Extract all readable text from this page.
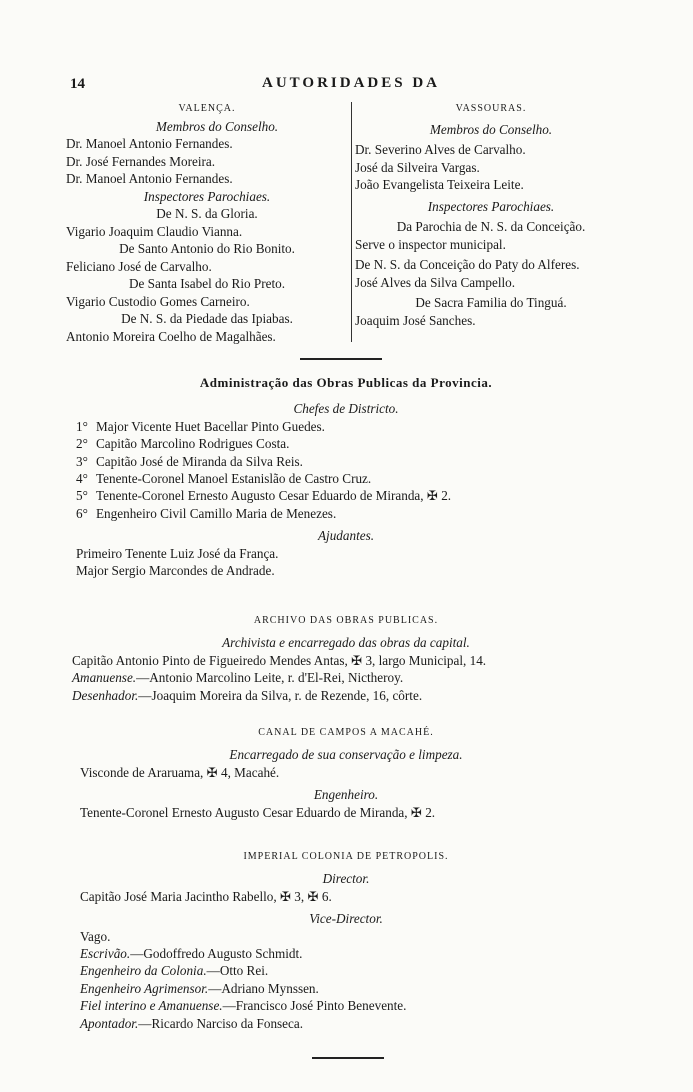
14	AUTORIDADES DA
VALENÇA.
Membros do Conselho.
Dr. Manoel Antonio Fernandes.
Dr. José Fernandes Moreira.
Dr. Manoel Antonio Fernandes.
Inspectores Parochiaes.
De N. S. da Gloria.
Vigario Joaquim Claudio Vianna.
De Santo Antonio do Rio Bonito.
Feliciano José de Carvalho.
De Santa Isabel do Rio Preto.
Vigario Custodio Gomes Carneiro.
De N. S. da Piedade das Ipiabas.
Antonio Moreira Coelho de Magalhães.
VASSOURAS.
Membros do Conselho.
Dr. Severino Alves de Carvalho.
José da Silveira Vargas.
João Evangelista Teixeira Leite.
Inspectores Parochiaes.
Da Parochia de N. S. da Conceição.
Serve o inspector municipal.
De N. S. da Conceição do Paty do Alferes.
José Alves da Silva Campello.
De Sacra Familia do Tinguá.
Joaquim José Sanches.
Administração das Obras Publicas da Provincia.
Chefes de Districto.
1° Major Vicente Huet Bacellar Pinto Guedes.
2° Capitão Marcolino Rodrigues Costa.
3° Capitão José de Miranda da Silva Reis.
4° Tenente-Coronel Manoel Estanislão de Castro Cruz.
5° Tenente-Coronel Ernesto Augusto Cesar Eduardo de Miranda, ✠ 2.
6° Engenheiro Civil Camillo Maria de Menezes.
Ajudantes.
Primeiro Tenente Luiz José da França.
Major Sergio Marcondes de Andrade.
ARCHIVO DAS OBRAS PUBLICAS.
Archivista e encarregado das obras da capital.
Capitão Antonio Pinto de Figueiredo Mendes Antas, ✠ 3, largo Municipal, 14.
Amanuense.—Antonio Marcolino Leite, r. d'El-Rei, Nictheroy.
Desenhador.—Joaquim Moreira da Silva, r. de Rezende, 16, côrte.
CANAL DE CAMPOS A MACAHÉ.
Encarregado de sua conservação e limpeza.
Visconde de Araruama, ✠ 4, Macahé.
Engenheiro.
Tenente-Coronel Ernesto Augusto Cesar Eduardo de Miranda, ✠ 2.
IMPERIAL COLONIA DE PETROPOLIS.
Director.
Capitão José Maria Jacintho Rabello, ✠ 3, ✠ 6.
Vice-Director.
Vago.
Escrivão.—Godoffredo Augusto Schmidt.
Engenheiro da Colonia.—Otto Rei.
Engenheiro Agrimensor.—Adriano Mynssen.
Fiel interino e Amanuense.—Francisco José Pinto Benevente.
Apontador.—Ricardo Narciso da Fonseca.
